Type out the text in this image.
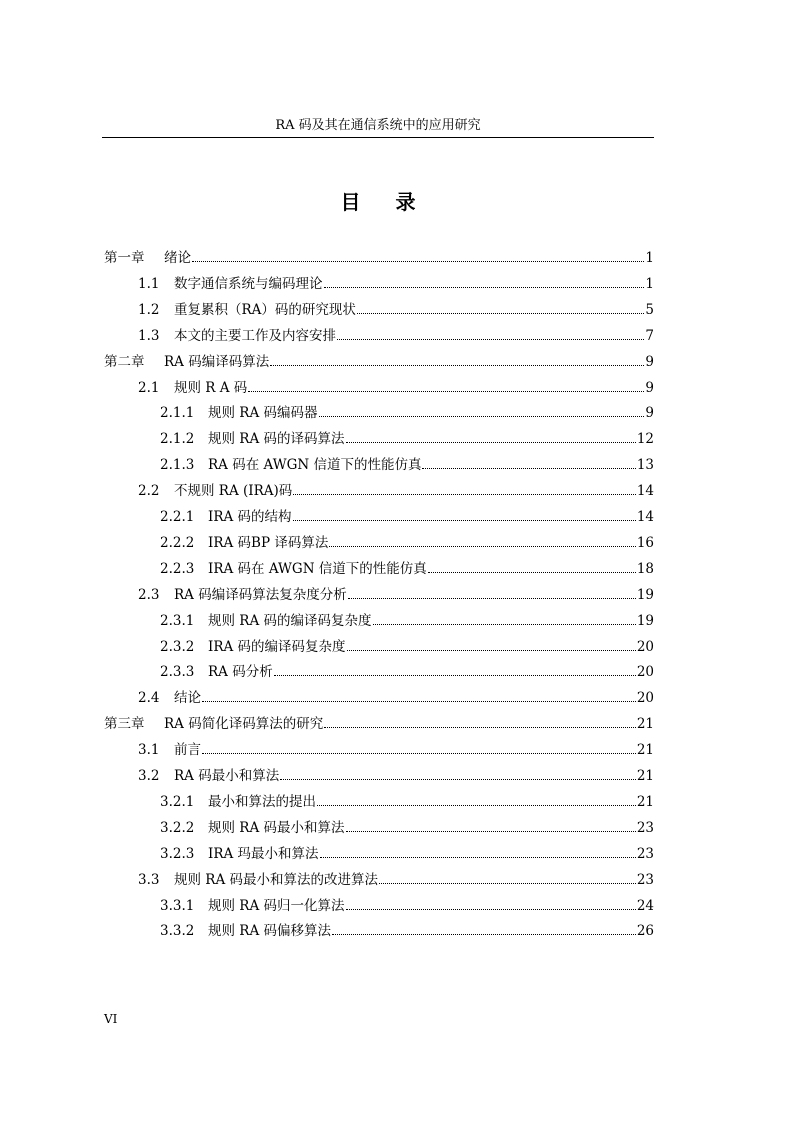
RA 码及其在通信系统中的应用研究
目 录
第一章	绪论	1
1.1	数字通信系统与编码理论	1
1.2	重复累积（RA）码的研究现状	5
1.3	本文的主要工作及内容安排	7
第二章	RA 码编译码算法	9
2.1	规则 R A 码	9
2.1.1	规则 RA 码编码器	9
2.1.2	规则 RA 码的译码算法	12
2.1.3	RA 码在 AWGN 信道下的性能仿真	13
2.2	不规则 RA (IRA)码	14
2.2.1	IRA 码的结构	14
2.2.2	IRA 码BP 译码算法	16
2.2.3	IRA 码在 AWGN 信道下的性能仿真	18
2.3	RA 码编译码算法复杂度分析	19
2.3.1	规则 RA 码的编译码复杂度	19
2.3.2	IRA 码的编译码复杂度	20
2.3.3	RA 码分析	20
2.4	结论	20
第三章	RA 码简化译码算法的研究	21
3.1	前言	21
3.2	RA 码最小和算法	21
3.2.1	最小和算法的提出	21
3.2.2	规则 RA 码最小和算法	23
3.2.3	IRA 玛最小和算法	23
3.3	规则 RA 码最小和算法的改进算法	23
3.3.1	规则 RA 码归一化算法	24
3.3.2	规则 RA 码偏移算法	26
VI
